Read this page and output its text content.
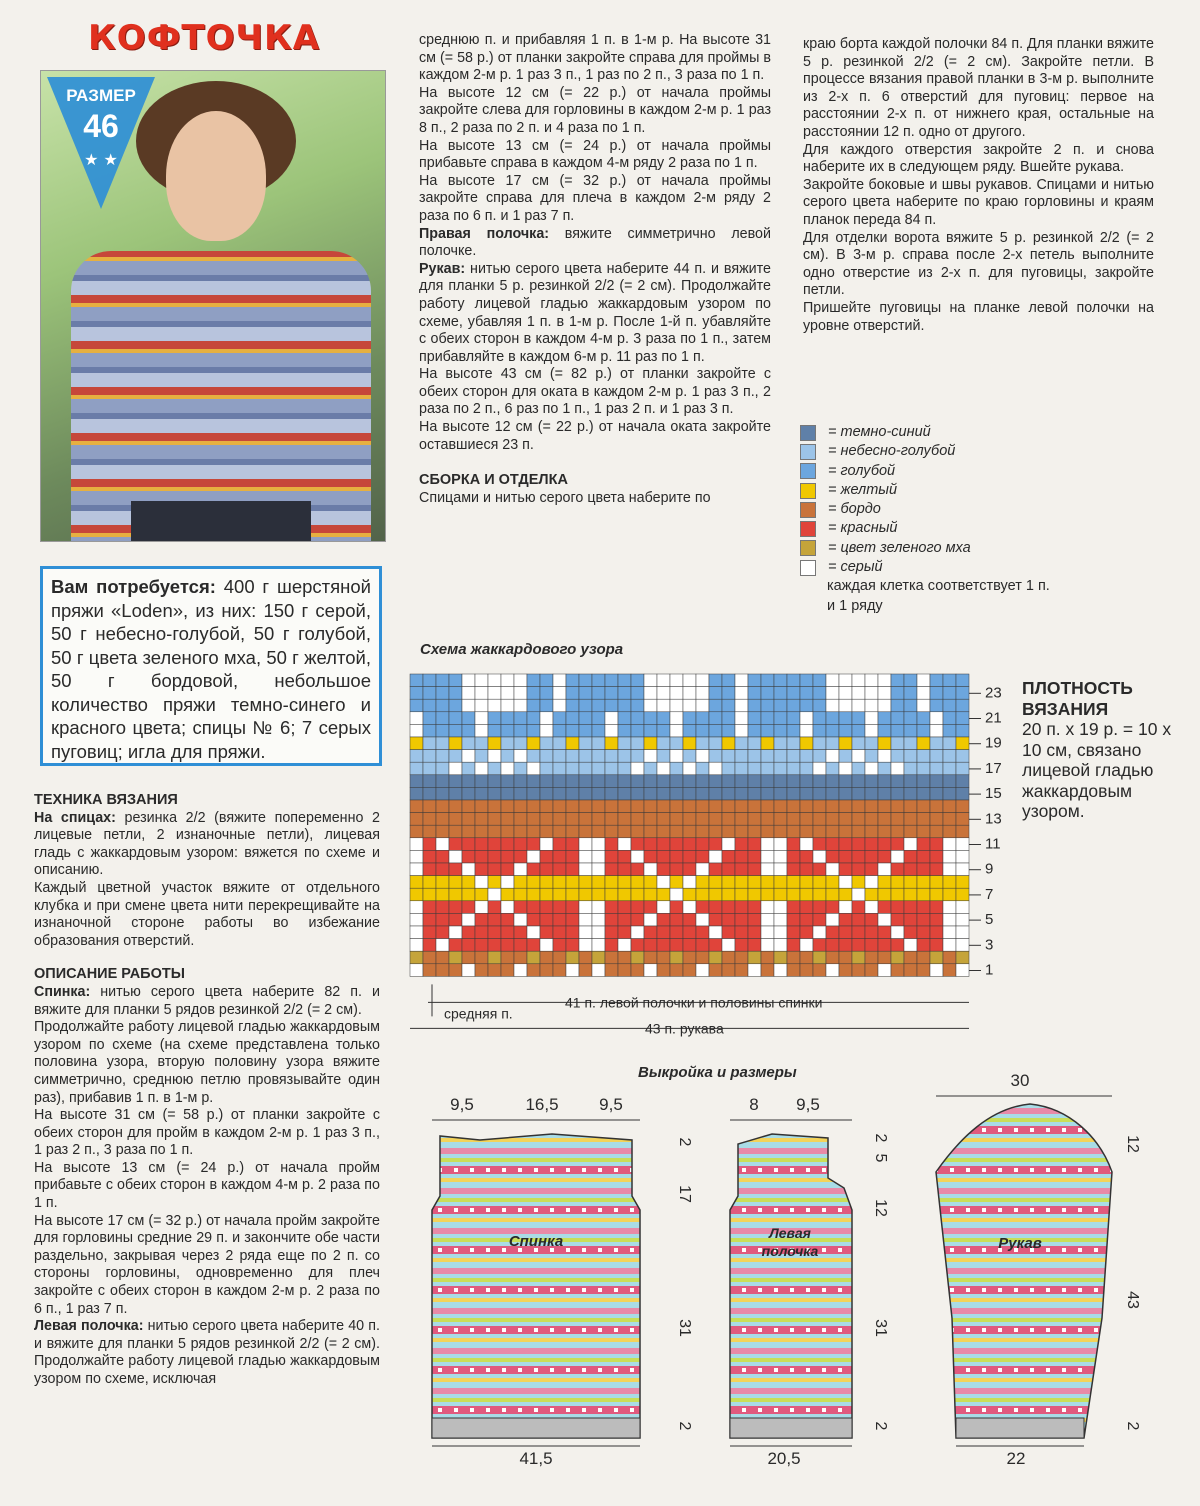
КОФТОЧКА
РАЗМЕР
46
★ ★
Вам потребуется: 400 г шерстяной пряжи «Loden», из них: 150 г серой, 50 г небесно-голубой, 50 г голубой, 50 г цвета зеленого мха, 50 г желтой, 50 г бордовой, небольшое количество пряжи темно-синего и красного цвета; спицы № 6; 7 серых пуговиц; игла для пряжи.

ТЕХНИКА ВЯЗАНИЯ

На спицах: резинка 2/2 (вяжите попеременно 2 лицевые петли, 2 изнаночные петли), лицевая гладь с жаккардовым узором: вяжется по схеме и описанию.

Каждый цветной участок вяжите от отдельного клубка и при смене цвета нити перекрещивайте на изнаночной стороне работы во избежание образования отверстий.

ОПИСАНИЕ РАБОТЫ

Спинка: нитью серого цвета наберите 82 п. и вяжите для планки 5 рядов резинкой 2/2 (= 2 см).

Продолжайте работу лицевой гладью жаккардовым узором по схеме (на схеме представлена только половина узора, вторую половину узора вяжите симметрично, среднюю петлю провязывайте один раз), прибавив 1 п. в 1-м р.

На высоте 31 см (= 58 р.) от планки закройте с обеих сторон для пройм в каждом 2-м р. 1 раз 3 п., 1 раз 2 п., 3 раза по 1 п.

На высоте 13 см (= 24 р.) от начала пройм прибавьте с обеих сторон в каждом 4-м р. 2 раза по 1 п.

На высоте 17 см (= 32 р.) от начала пройм закройте для горловины средние 29 п. и закончите обе части раздельно, закрывая через 2 ряда еще по 2 п. со стороны горловины, одновременно для плеч закройте с обеих сторон в каждом 2-м р. 2 раза по 6 п., 1 раз 7 п.

Левая полочка: нитью серого цвета наберите 40 п. и вяжите для планки 5 рядов резинкой 2/2 (= 2 см). Продолжайте работу лицевой гладью жаккардовым узором по схеме, исключая

среднюю п. и прибавляя 1 п. в 1-м р. На высоте 31 см (= 58 р.) от планки закройте справа для проймы в каждом 2-м р. 1 раз 3 п., 1 раз по 2 п., 3 раза по 1 п.

На высоте 12 см (= 22 р.) от начала проймы закройте слева для горловины в каждом 2-м р. 1 раз 8 п., 2 раза по 2 п. и 4 раза по 1 п.

На высоте 13 см (= 24 р.) от начала проймы прибавьте справа в каждом 4-м ряду 2 раза по 1 п.

На высоте 17 см (= 32 р.) от начала проймы закройте справа для плеча в каждом 2-м ряду 2 раза по 6 п. и 1 раз 7 п.

Правая полочка: вяжите симметрично левой полочке.

Рукав: нитью серого цвета наберите 44 п. и вяжите для планки 5 р. резинкой 2/2 (= 2 см). Продолжайте работу лицевой гладью жаккардовым узором по схеме, убавляя 1 п. в 1-м р. После 1-й п. убавляйте с обеих сторон в каждом 4-м р. 3 раза по 1 п., затем прибавляйте в каждом 6-м р. 11 раз по 1 п.

На высоте 43 см (= 82 р.) от планки закройте с обеих сторон для оката в каждом 2-м р. 1 раз 3 п., 2 раза по 2 п., 6 раз по 1 п., 1 раз 2 п. и 1 раз 3 п.

На высоте 12 см (= 22 р.) от начала оката закройте оставшиеся 23 п.

СБОРКА И ОТДЕЛКА

Спицами и нитью серого цвета наберите по

краю борта каждой полочки 84 п. Для планки вяжите 5 р. резинкой 2/2 (= 2 см). Закройте петли. В процессе вязания правой планки в 3-м р. выполните из 2-х п. 6 отверстий для пуговиц: первое на расстоянии 2-х п. от нижнего края, остальные на расстоянии 12 п. одно от другого.

Для каждого отверстия закройте 2 п. и снова наберите их в следующем ряду. Вшейте рукава.

Закройте боковые и швы рукавов. Спицами и нитью серого цвета наберите по краю горловины и краям планок переда 84 п.

Для отделки ворота вяжите 5 р. резинкой 2/2 (= 2 см). В 3-м р. справа после 2-х петель выполните одно отверстие из 2-х п. для пуговицы, закройте петли.

Пришейте пуговицы на планке левой полочки на уровне отверстий.

= темно-синий
= небесно-голубой
= голубой
= желтый
= бордо
= красный
= цвет зеленого мха
= серый
каждая клетка соответствует 1 п.
и 1 ряду
Схема жаккардового узора
23
21
19
17
15
13
11
9
7
5
3
1
41 п. левой полочки и половины спинки
средняя п.
43 п. рукава
ПЛОТНОСТЬ
ВЯЗАНИЯ
20 п. х 19 р. = 10 х 10 см, связано лицевой гладью жаккардовым узором.
Выкройка и размеры
Спинка
9,5	16,5 9,5
41,5
2
17
31
2
Левая
полочка
8 9,5
20,5
2
5
12
31
2
Рукав
30
22
12
43
2
